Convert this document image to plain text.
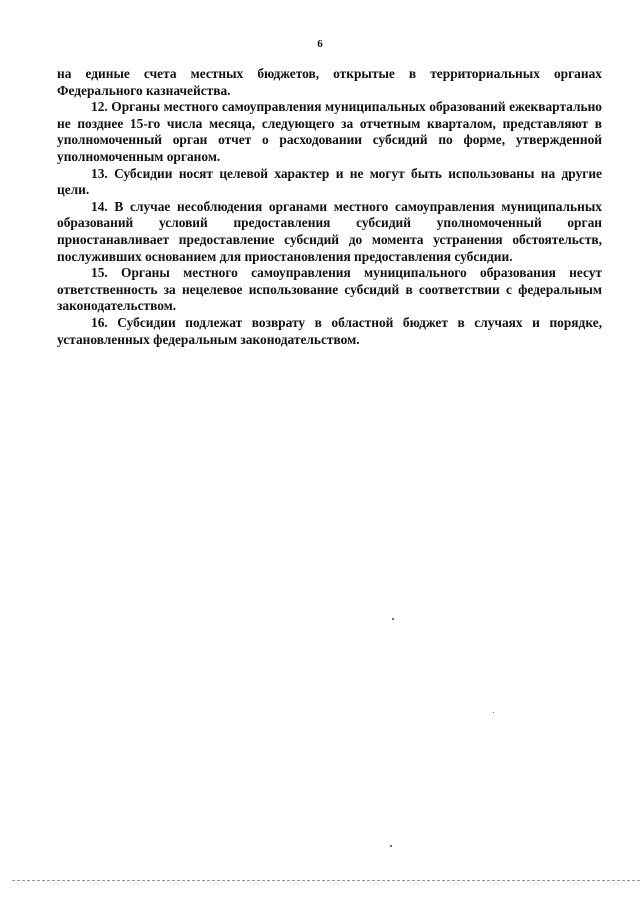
6

на единые счета местных бюджетов, открытые в территориальных органах Федерального казначейства.

12. Органы местного самоуправления муниципальных образований ежеквартально не позднее 15-го числа месяца, следующего за отчетным кварталом, представляют в уполномоченный орган отчет о расходовании субсидий по форме, утвержденной уполномоченным органом.

13. Субсидии носят целевой характер и не могут быть использованы на другие цели.

14. В случае несоблюдения органами местного самоуправления муниципальных образований условий предоставления субсидий уполномоченный орган приостанавливает предоставление субсидий до момента устранения обстоятельств, послуживших основанием для приостановления предоставления субсидии.

15. Органы местного самоуправления муниципального образования несут ответственность за нецелевое использование субсидий в соответствии с федеральным законодательством.

16. Субсидии подлежат возврату в областной бюджет в случаях и порядке, установленных федеральным законодательством.
